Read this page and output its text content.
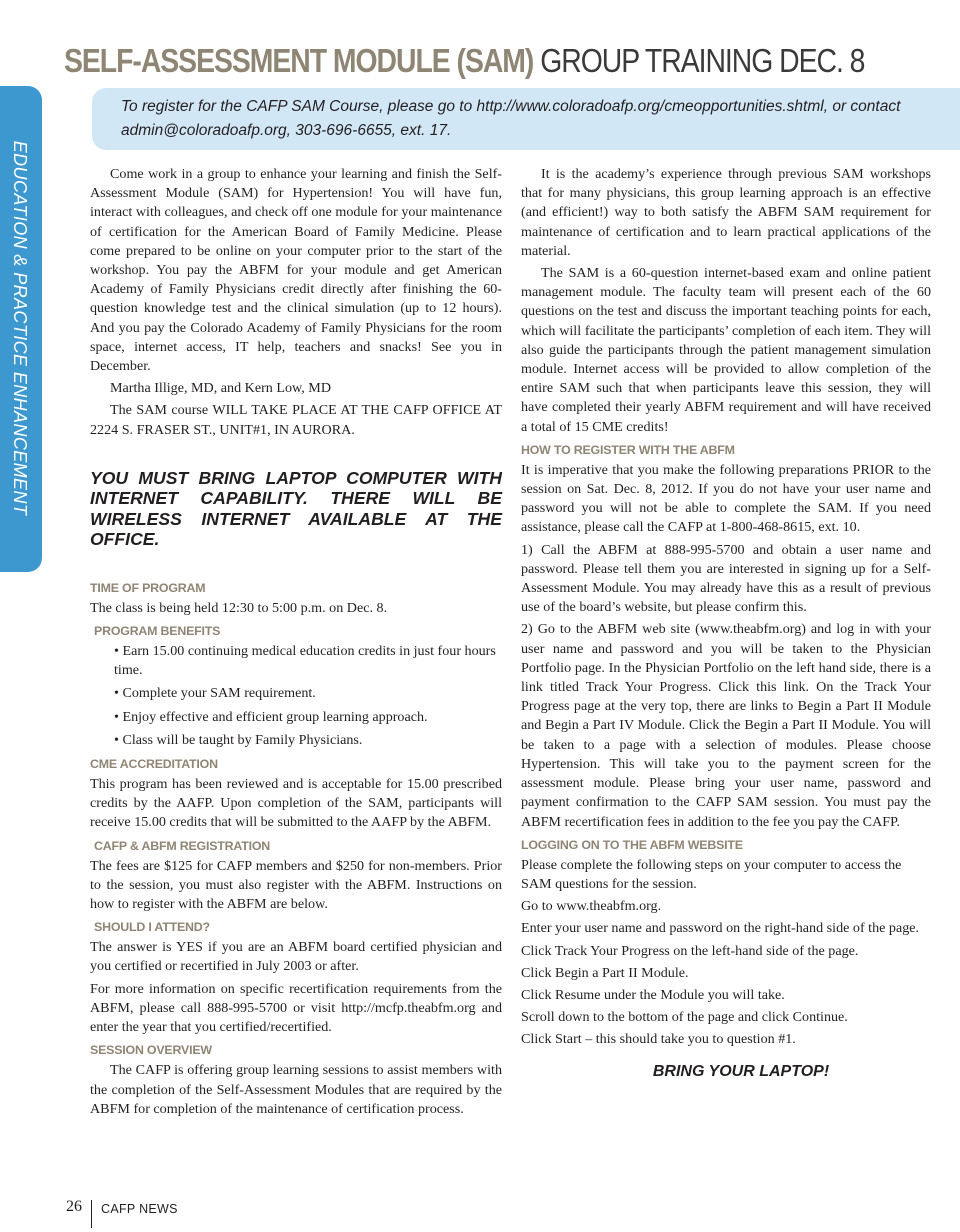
SELF-ASSESSMENT MODULE (SAM) GROUP TRAINING DEC. 8
EDUCATION & PRACTICE ENHANCEMENT
To register for the CAFP SAM Course, please go to http://www.coloradoafp.org/cmeopportunities.shtml, or contact admin@coloradoafp.org, 303-696-6655, ext. 17.

Come work in a group to enhance your learning and finish the Self-Assessment Module (SAM) for Hypertension! You will have fun, interact with colleagues, and check off one module for your maintenance of certification for the American Board of Family Medicine. Please come prepared to be online on your computer prior to the start of the workshop. You pay the ABFM for your module and get American Academy of Family Physicians credit directly after finishing the 60-question knowledge test and the clinical simulation (up to 12 hours). And you pay the Colorado Academy of Family Physicians for the room space, internet access, IT help, teachers and snacks! See you in December.

Martha Illige, MD, and Kern Low, MD

The SAM course WILL TAKE PLACE AT THE CAFP OFFICE AT 2224 S. FRASER ST., UNIT#1, IN AURORA.

YOU MUST BRING LAPTOP COMPUTER WITH INTERNET CAPABILITY. THERE WILL BE WIRELESS INTERNET AVAILABLE AT THE OFFICE.
TIME OF PROGRAM

The class is being held 12:30 to 5:00 p.m. on Dec. 8.

PROGRAM BENEFITS

• Earn 15.00 continuing medical education credits in just four hours time.

• Complete your SAM requirement.

• Enjoy effective and efficient group learning approach.

• Class will be taught by Family Physicians.

CME ACCREDITATION

This program has been reviewed and is acceptable for 15.00 prescribed credits by the AAFP. Upon completion of the SAM, participants will receive 15.00 credits that will be submitted to the AAFP by the ABFM.

CAFP & ABFM REGISTRATION

The fees are $125 for CAFP members and $250 for non-members. Prior to the session, you must also register with the ABFM. Instructions on how to register with the ABFM are below.

SHOULD I ATTEND?

The answer is YES if you are an ABFM board certified physician and you certified or recertified in July 2003 or after.

For more information on specific recertification requirements from the ABFM, please call 888-995-5700 or visit http://mcfp.theabfm.org and enter the year that you certified/recertified.

SESSION OVERVIEW

The CAFP is offering group learning sessions to assist members with the completion of the Self-Assessment Modules that are required by the ABFM for completion of the maintenance of certification process.

It is the academy’s experience through previous SAM workshops that for many physicians, this group learning approach is an effective (and efficient!) way to both satisfy the ABFM SAM requirement for maintenance of certification and to learn practical applications of the material.

The SAM is a 60-question internet-based exam and online patient management module. The faculty team will present each of the 60 questions on the test and discuss the important teaching points for each, which will facilitate the participants’ completion of each item. They will also guide the participants through the patient management simulation module. Internet access will be provided to allow completion of the entire SAM such that when participants leave this session, they will have completed their yearly ABFM requirement and will have received a total of 15 CME credits!

HOW TO REGISTER WITH THE ABFM

It is imperative that you make the following preparations PRIOR to the session on Sat. Dec. 8, 2012. If you do not have your user name and password you will not be able to complete the SAM. If you need assistance, please call the CAFP at 1-800-468-8615, ext. 10.

1) Call the ABFM at 888-995-5700 and obtain a user name and password. Please tell them you are interested in signing up for a Self-Assessment Module. You may already have this as a result of previous use of the board’s website, but please confirm this.

2) Go to the ABFM web site (www.theabfm.org) and log in with your user name and password and you will be taken to the Physician Portfolio page. In the Physician Portfolio on the left hand side, there is a link titled Track Your Progress. Click this link. On the Track Your Progress page at the very top, there are links to Begin a Part II Module and Begin a Part IV Module. Click the Begin a Part II Module. You will be taken to a page with a selection of modules. Please choose Hypertension. This will take you to the payment screen for the assessment module. Please bring your user name, password and payment confirmation to the CAFP SAM session. You must pay the ABFM recertification fees in addition to the fee you pay the CAFP.

LOGGING ON TO THE ABFM WEBSITE

Please complete the following steps on your computer to access the SAM questions for the session.

Go to www.theabfm.org.

Enter your user name and password on the right-hand side of the page.

Click Track Your Progress on the left-hand side of the page.

Click Begin a Part II Module.

Click Resume under the Module you will take.

Scroll down to the bottom of the page and click Continue.

Click Start – this should take you to question #1.

BRING YOUR LAPTOP!
26 CAFP NEWS
